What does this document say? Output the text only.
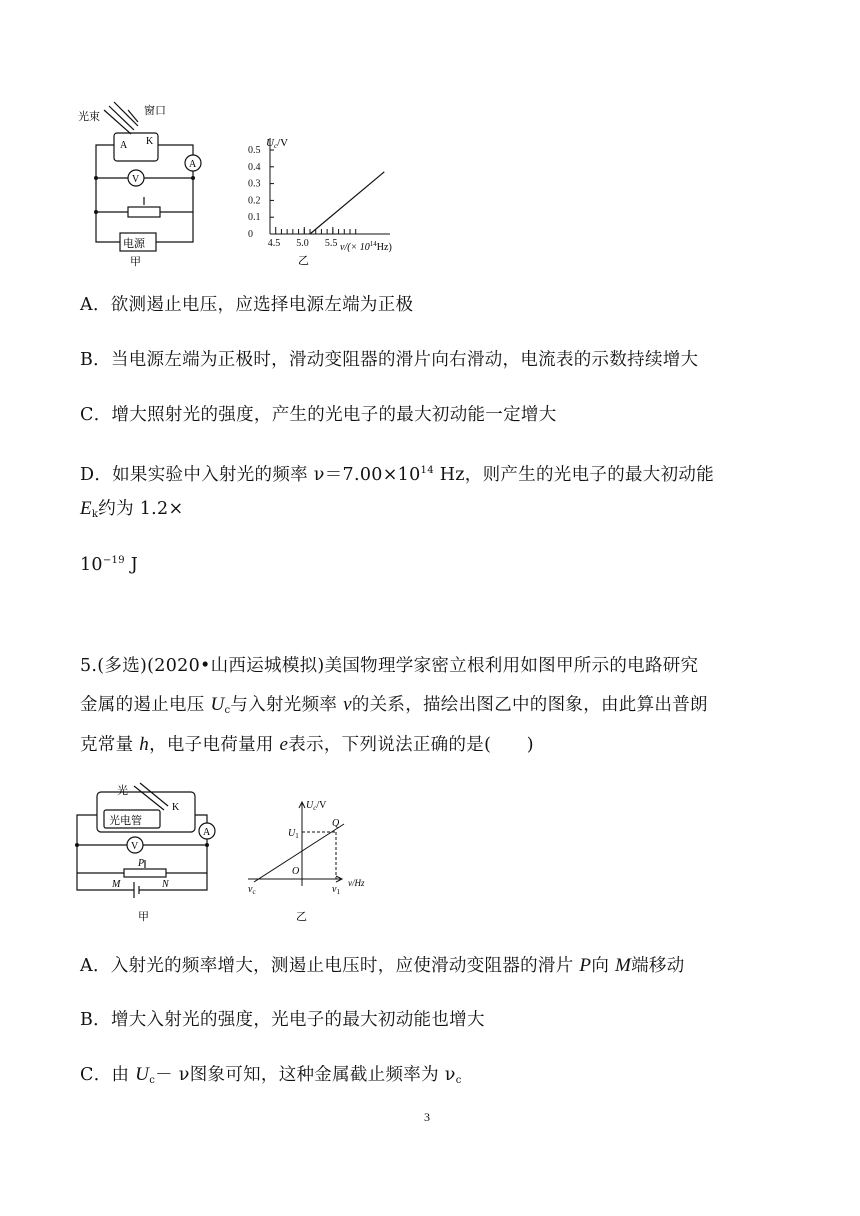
光束	窗口
A K
A
V
电源
甲
Uc/V
0.5
0.4
0.3
0.2
0.1
0
4.5 5.0 5.5 $\nu/(\times 10^{14}Hz)$
乙
A．欲测遏止电压，应选择电源左端为正极
B．当电源左端为正极时，滑动变阻器的滑片向右滑动，电流表的示数持续增大
C．增大照射光的强度，产生的光电子的最大初动能一定增大
D．如果实验中入射光的频率 $\nu=7.00\times 10^{14}$ Hz，则产生的光电子的最大初动能
$E_k$约为 1.2×
$10^{-19}$ J
5.(多选)(2020•山西运城模拟)美国物理学家密立根利用如图甲所示的电路研究
金属的遏止电压 $U_c$与入射光频率 ν的关系，描绘出图乙中的图象，由此算出普朗
克常量 h，电子电荷量用 e表示，下列说法正确的是(　　)
光
光电管
K
A
V
P
M	N
甲
$U_c/V$
Q
$U_1$
O
$\nu_c$	$\nu_1$
ν/Hz
乙
A．入射光的频率增大，测遏止电压时，应使滑动变阻器的滑片 P向 M端移动
B．增大入射光的强度，光电子的最大初动能也增大
C．由 $U_c- \nu$图象可知，这种金属截止频率为 $\nu_c$
3
